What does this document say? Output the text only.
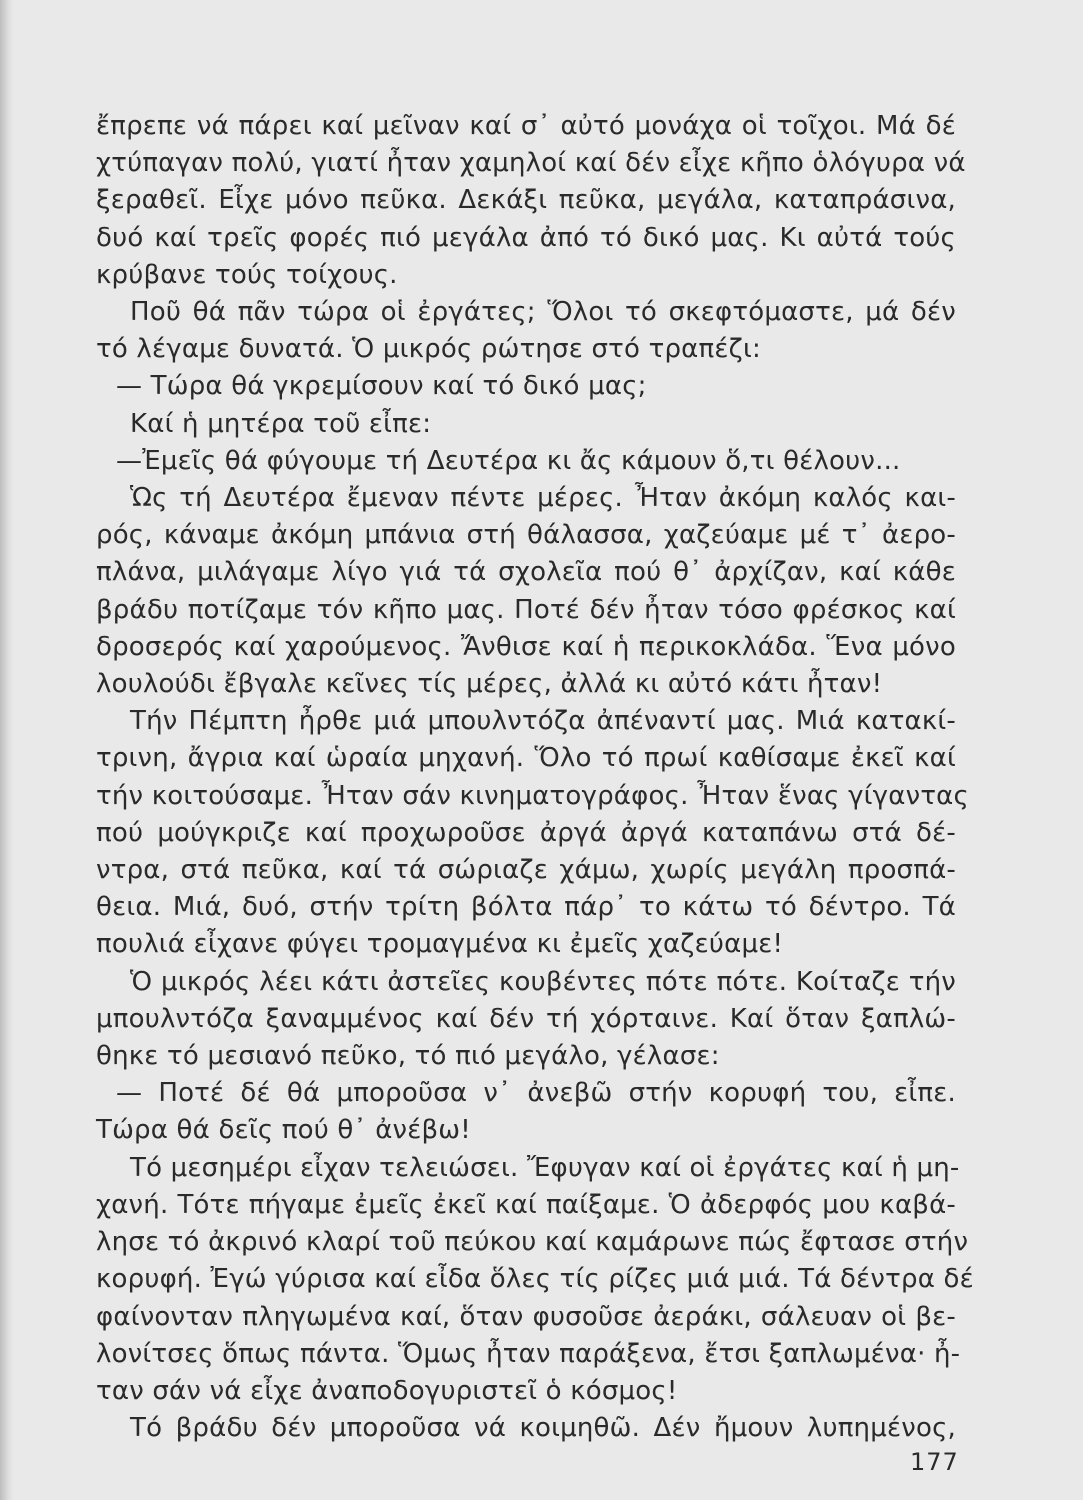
ἔπρεπε νά πάρει καί μεῖναν καί σ᾽ αὐτό μονάχα οἱ τοῖχοι. Μά δέ
χτύπαγαν πολύ, γιατί ἦταν χαμηλοί καί δέν εἶχε κῆπο ὁλόγυρα νά
ξεραθεῖ. Εἶχε μόνο πεῦκα. Δεκάξι πεῦκα, μεγάλα, καταπράσινα,
δυό καί τρεῖς φορές πιό μεγάλα ἀπό τό δικό μας. Κι αὐτά τούς
κρύβανε τούς τοίχους.
Ποῦ θά πᾶν τώρα οἱ ἐργάτες; Ὅλοι τό σκεφτόμαστε, μά δέν
τό λέγαμε δυνατά. Ὁ μικρός ρώτησε στό τραπέζι:
— Τώρα θά γκρεμίσουν καί τό δικό μας;
Καί ἡ μητέρα τοῦ εἶπε:
—Ἐμεῖς θά φύγουμε τή Δευτέρα κι ἄς κάμουν ὅ,τι θέλουν...
Ὡς τή Δευτέρα ἔμεναν πέντε μέρες. Ἦταν ἀκόμη καλός και-
ρός, κάναμε ἀκόμη μπάνια στή θάλασσα, χαζεύαμε μέ τ᾽ ἀερο-
πλάνα, μιλάγαμε λίγο γιά τά σχολεῖα πού θ᾽ ἀρχίζαν, καί κάθε
βράδυ ποτίζαμε τόν κῆπο μας. Ποτέ δέν ἦταν τόσο φρέσκος καί
δροσερός καί χαρούμενος. Ἄνθισε καί ἡ περικοκλάδα. Ἕνα μόνο
λουλούδι ἔβγαλε κεῖνες τίς μέρες, ἀλλά κι αὐτό κάτι ἦταν!
Τήν Πέμπτη ἦρθε μιά μπουλντόζα ἀπέναντί μας. Μιά κατακί-
τρινη, ἄγρια καί ὡραία μηχανή. Ὅλο τό πρωί καθίσαμε ἐκεῖ καί
τήν κοιτούσαμε. Ἦταν σάν κινηματογράφος. Ἦταν ἕνας γίγαντας
πού μούγκριζε καί προχωροῦσε ἀργά ἀργά καταπάνω στά δέ-
ντρα, στά πεῦκα, καί τά σώριαζε χάμω, χωρίς μεγάλη προσπά-
θεια. Μιά, δυό, στήν τρίτη βόλτα πάρ᾽ το κάτω τό δέντρο. Τά
πουλιά εἶχανε φύγει τρομαγμένα κι ἐμεῖς χαζεύαμε!
Ὁ μικρός λέει κάτι ἀστεῖες κουβέντες πότε πότε. Κοίταζε τήν
μπουλντόζα ξαναμμένος καί δέν τή χόρταινε. Καί ὅταν ξαπλώ-
θηκε τό μεσιανό πεῦκο, τό πιό μεγάλο, γέλασε:
— Ποτέ δέ θά μποροῦσα ν᾽ ἀνεβῶ στήν κορυφή του, εἶπε.
Τώρα θά δεῖς πού θ᾽ ἀνέβω!
Τό μεσημέρι εἶχαν τελειώσει. Ἔφυγαν καί οἱ ἐργάτες καί ἡ μη-
χανή. Τότε πήγαμε ἐμεῖς ἐκεῖ καί παίξαμε. Ὁ ἀδερφός μου καβά-
λησε τό ἀκρινό κλαρί τοῦ πεύκου καί καμάρωνε πώς ἔφτασε στήν
κορυφή. Ἐγώ γύρισα καί εἶδα ὅλες τίς ρίζες μιά μιά. Τά δέντρα δέ
φαίνονταν πληγωμένα καί, ὅταν φυσοῦσε ἀεράκι, σάλευαν οἱ βε-
λονίτσες ὅπως πάντα. Ὅμως ἦταν παράξενα, ἔτσι ξαπλωμένα· ἦ-
ταν σάν νά εἶχε ἀναποδογυριστεῖ ὁ κόσμος!
Τό βράδυ δέν μποροῦσα νά κοιμηθῶ. Δέν ἤμουν λυπημένος,
177
